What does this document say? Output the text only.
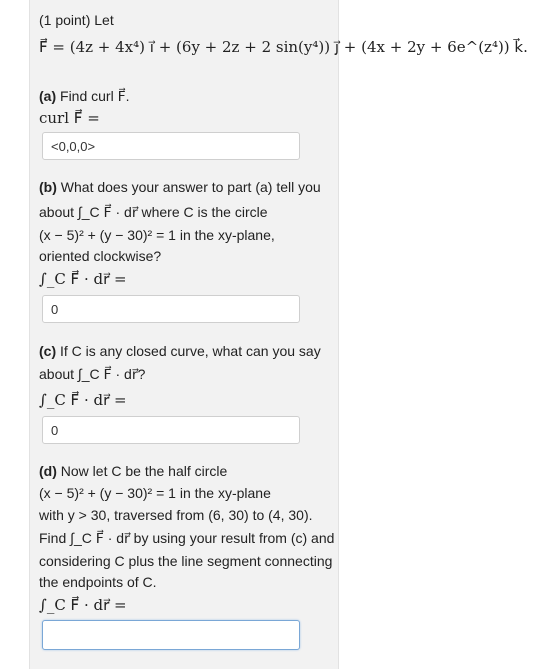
(1 point) Let
F⃗ = (4z + 4x⁴) i⃗ + (6y + 2z + 2 sin(y⁴)) j⃗ + (4x + 2y + 6e^(z⁴)) k⃗.
(a) Find curl F⃗.
curl F⃗ =
<0,0,0>
(b) What does your answer to part (a) tell you
about ∫_C F⃗ · dr⃗ where C is the circle
(x − 5)² + (y − 30)² = 1 in the xy-plane,
oriented clockwise?
∫_C F⃗ · dr⃗ =
0
(c) If C is any closed curve, what can you say
about ∫_C F⃗ · dr⃗?
∫_C F⃗ · dr⃗ =
0
(d) Now let C be the half circle
(x − 5)² + (y − 30)² = 1 in the xy-plane
with y > 30, traversed from (6, 30) to (4, 30).
Find ∫_C F⃗ · dr⃗ by using your result from (c) and
considering C plus the line segment connecting
the endpoints of C.
∫_C F⃗ · dr⃗ =
